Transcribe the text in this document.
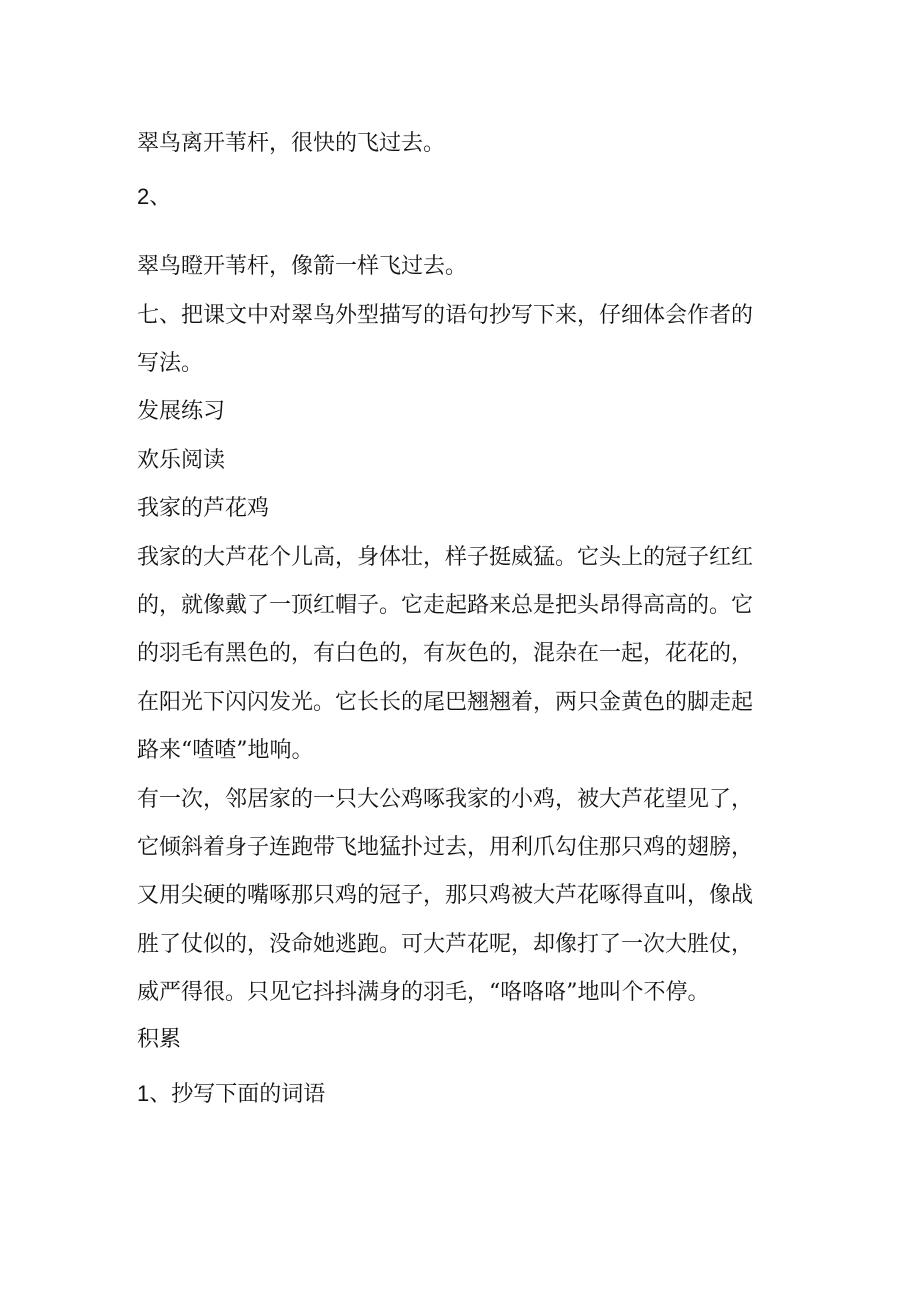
翠鸟离开苇杆，很快的飞过去。

2、

翠鸟瞪开苇杆，像箭一样飞过去。

七、把课文中对翠鸟外型描写的语句抄写下来，仔细体会作者的

写法。

发展练习

欢乐阅读

我家的芦花鸡

我家的大芦花个儿高，身体壮，样子挺威猛。它头上的冠子红红

的，就像戴了一顶红帽子。它走起路来总是把头昂得高高的。它

的羽毛有黑色的，有白色的，有灰色的，混杂在一起，花花的，

在阳光下闪闪发光。它长长的尾巴翘翘着，两只金黄色的脚走起

路来“喳喳”地响。

有一次，邻居家的一只大公鸡啄我家的小鸡，被大芦花望见了，

它倾斜着身子连跑带飞地猛扑过去，用利爪勾住那只鸡的翅膀，

又用尖硬的嘴啄那只鸡的冠子，那只鸡被大芦花啄得直叫，像战

胜了仗似的，没命她逃跑。可大芦花呢，却像打了一次大胜仗，

威严得很。只见它抖抖满身的羽毛，“咯咯咯”地叫个不停。

积累

1、抄写下面的词语
